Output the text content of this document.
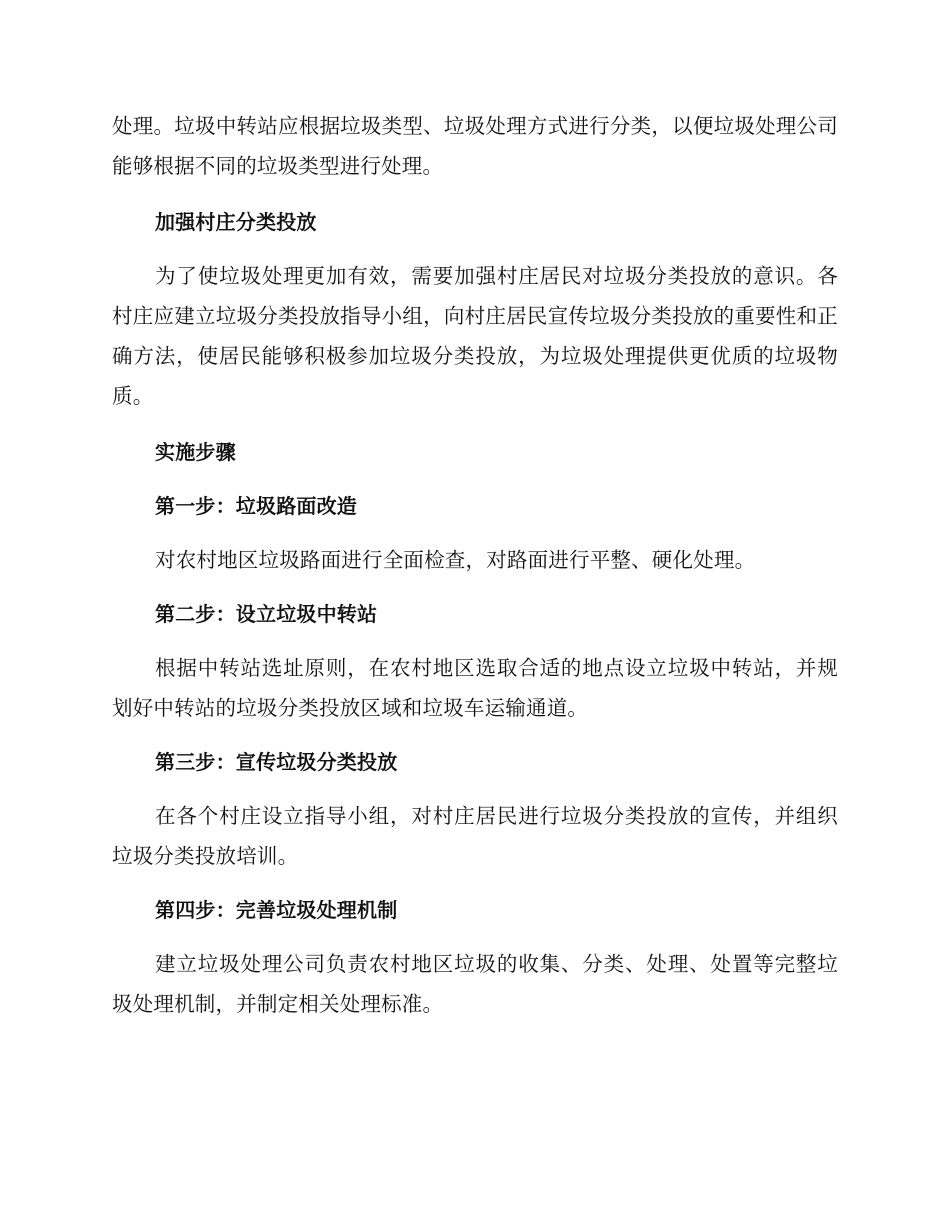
处理。垃圾中转站应根据垃圾类型、垃圾处理方式进行分类，以便垃圾处理公司能够根据不同的垃圾类型进行处理。

加强村庄分类投放

为了使垃圾处理更加有效，需要加强村庄居民对垃圾分类投放的意识。各村庄应建立垃圾分类投放指导小组，向村庄居民宣传垃圾分类投放的重要性和正确方法，使居民能够积极参加垃圾分类投放，为垃圾处理提供更优质的垃圾物质。

实施步骤
第一步：垃圾路面改造

对农村地区垃圾路面进行全面检查，对路面进行平整、硬化处理。

第二步：设立垃圾中转站

根据中转站选址原则，在农村地区选取合适的地点设立垃圾中转站，并规划好中转站的垃圾分类投放区域和垃圾车运输通道。

第三步：宣传垃圾分类投放

在各个村庄设立指导小组，对村庄居民进行垃圾分类投放的宣传，并组织垃圾分类投放培训。

第四步：完善垃圾处理机制

建立垃圾处理公司负责农村地区垃圾的收集、分类、处理、处置等完整垃圾处理机制，并制定相关处理标准。
